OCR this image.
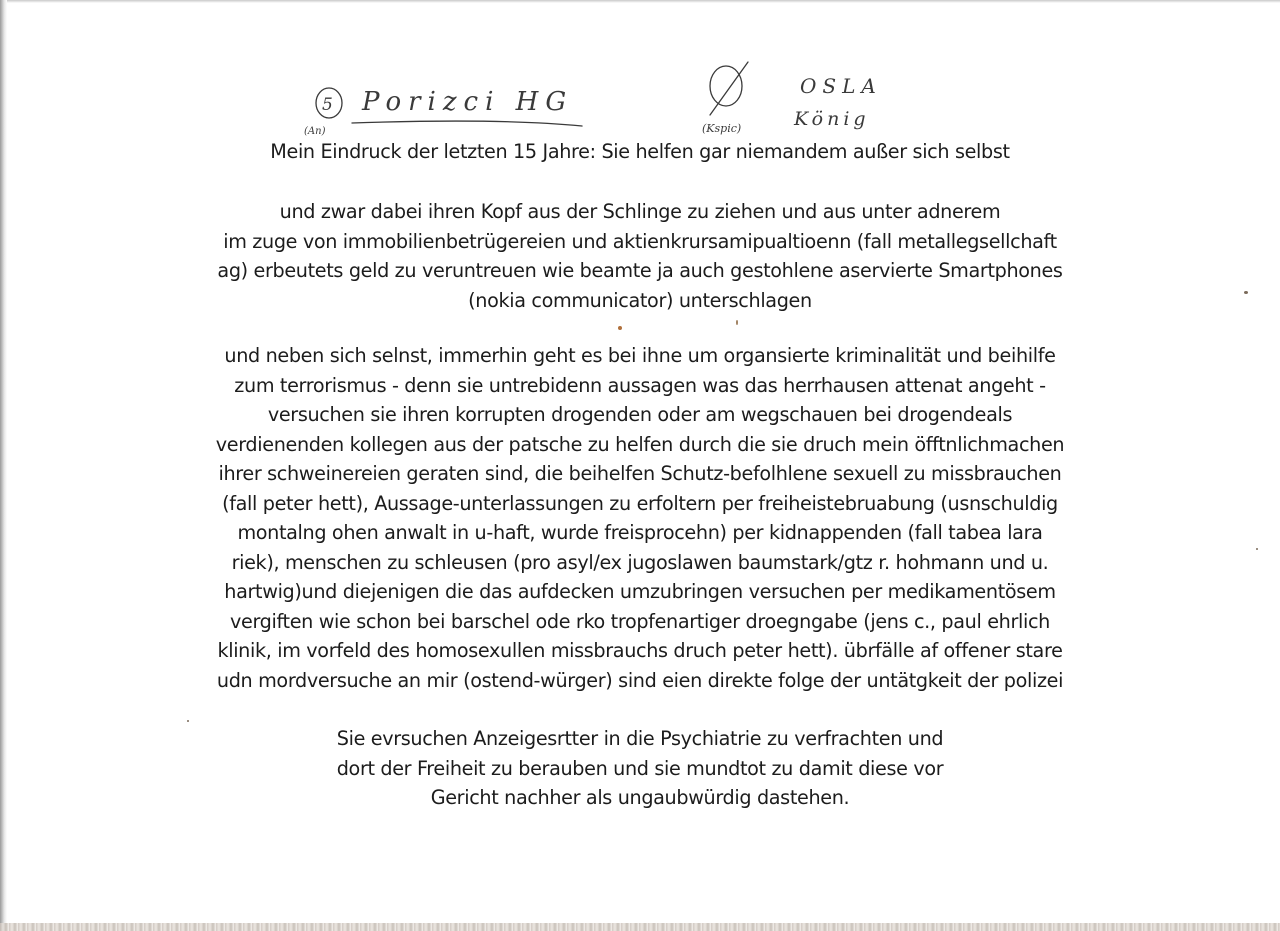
5
(An)
Porizci HG
(Kspic)
OSLA
König

Mein Eindruck der letzten 15 Jahre: Sie helfen gar niemandem außer sich selbst

und zwar dabei ihren Kopf aus der Schlinge zu ziehen und aus unter adnerem
im zuge von immobilienbetrügereien und aktienkrursamipualtioenn (fall metallegsellchaft
ag) erbeutets geld zu veruntreuen wie beamte ja auch gestohlene aservierte Smartphones
(nokia communicator) unterschlagen

und neben sich selnst, immerhin geht es bei ihne um organsierte kriminalität und beihilfe
zum terrorismus - denn sie untrebidenn aussagen was das herrhausen attenat angeht -
versuchen sie ihren korrupten drogenden oder am wegschauen bei drogendeals
verdienenden kollegen aus der patsche zu helfen durch die sie druch mein öfftnlichmachen
ihrer schweinereien geraten sind, die beihelfen Schutz-befolhlene sexuell zu missbrauchen
(fall peter hett), Aussage-unterlassungen zu erfoltern per freiheistebruabung (usnschuldig
montalng ohen anwalt in u-haft, wurde freisprocehn) per kidnappenden (fall tabea lara
riek), menschen zu schleusen (pro asyl/ex jugoslawen baumstark/gtz r. hohmann und u.
hartwig)und diejenigen die das aufdecken umzubringen versuchen per medikamentösem
vergiften wie schon bei barschel ode rko tropfenartiger droegngabe (jens c., paul ehrlich
klinik, im vorfeld des homosexullen missbrauchs druch peter hett). übrfälle af offener stare
udn mordversuche an mir (ostend-würger) sind eien direkte folge der untätgkeit der polizei

Sie evrsuchen Anzeigesrtter in die Psychiatrie zu verfrachten und
dort der Freiheit zu berauben und sie mundtot zu damit diese vor
Gericht nachher als ungaubwürdig dastehen.
